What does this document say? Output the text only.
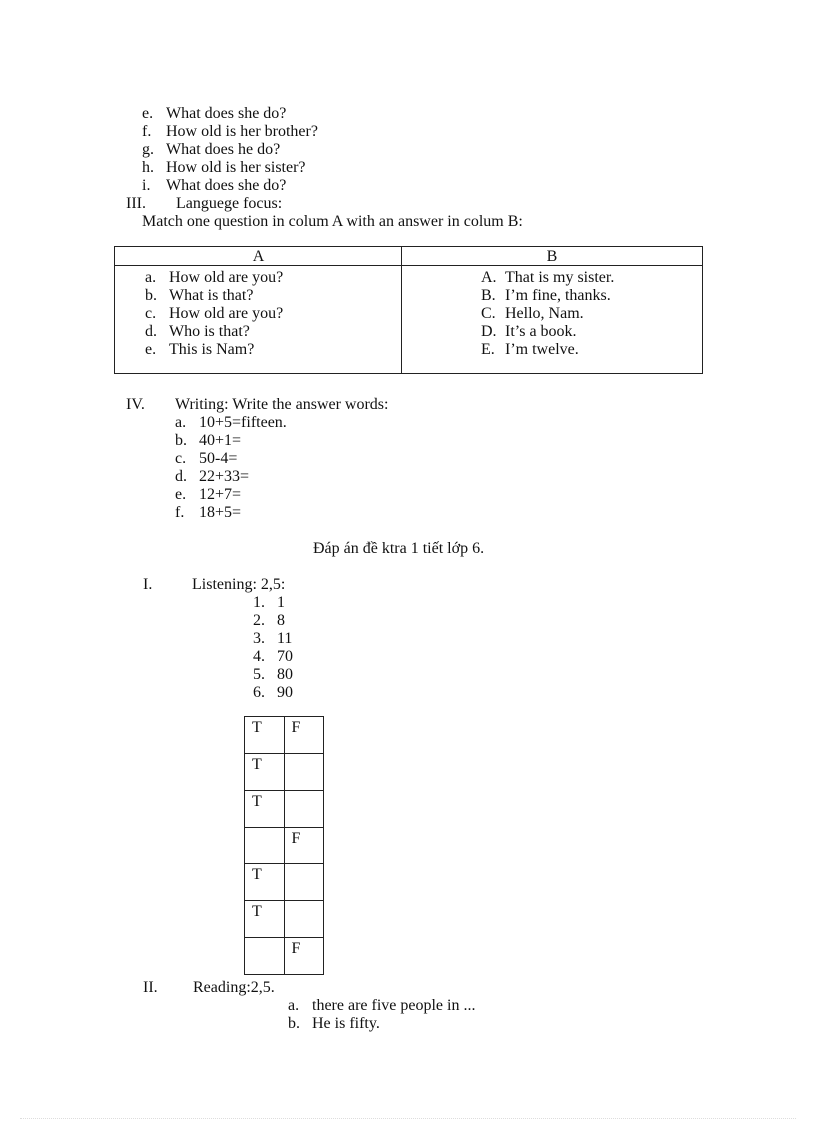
e. What does she do?
f. How old is her brother?
g. What does he do?
h. How old is her sister?
i. What does she do?
III. Languege focus:
Match one question in colum A with an answer in colum B:
A	B
a. How old are you?
b. What is that?
c. How old are you?
d. Who is that?
e. This is Nam?
A. That is my sister.
B. I’m fine, thanks.
C. Hello, Nam.
D. It’s a book.
E. I’m twelve.
IV. Writing: Write the answer words:
a. 10+5=fifteen.
b. 40+1=
c. 50-4=
d. 22+33=
e. 12+7=
f. 18+5=
Đáp án đề ktra 1 tiết lớp 6.
I. Listening: 2,5:
1. 1
2. 8
3. 11
4. 70
5. 80
6. 90
T	F
T	
T	
	F
T	
T	
	F
II. Reading:2,5.
a. there are five people in ...
b. He is fifty.
